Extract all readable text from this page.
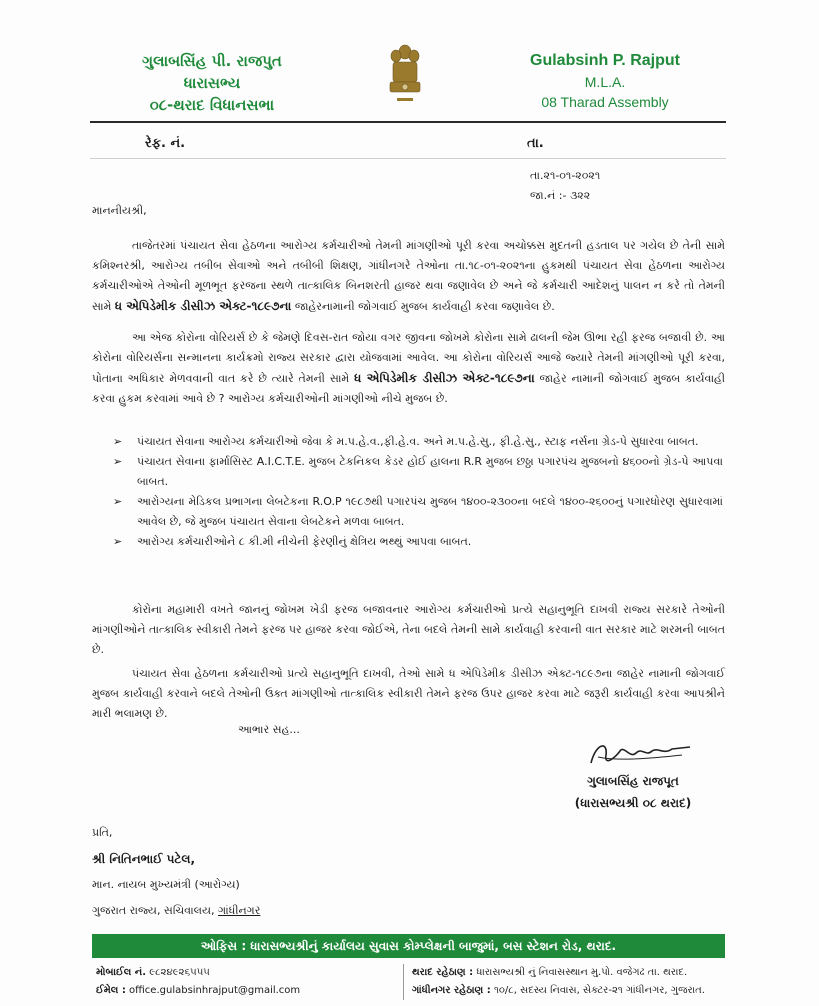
ગુલાબસિંહ પી. રાજપુત
ધારાસભ્ય
૦૮-થરાદ વિધાનસભા
Gulabsinh P. Rajput
M.L.A.
08 Tharad Assembly
રેફ. નં.	તા.
તા.૨૧-૦૧-૨૦૨૧
જા.નં :- ૩૨૨
માનનીયશ્રી,
તાજેતરમાં પંચાયત સેવા હેઠળના આરોગ્ય કર્મચારીઓ તેમની માંગણીઓ પૂરી કરવા અચોક્કસ મુદતની હડતાલ પર ગયેલ છે તેની સામે કમિશ્નરશ્રી, આરોગ્ય તબીબ સેવાઓ અને તબીબી શિક્ષણ, ગાંધીનગરે તેઓના તા.૧૮-૦૧-૨૦૨૧ના હુકમથી પંચાયત સેવા હેઠળના આરોગ્ય કર્મચારીઓએ તેઓની મૂળભૂત ફરજના સ્થળે તાત્કાલિક બિનશરતી હાજર થવા જણાવેલ છે અને જે કર્મચારી આદેશનું પાલન ન કરે તો તેમની સામે ધ એપિડેમીક ડીસીઝ એક્ટ-૧૮૯૭ના જાહેરનામાની જોગવાઈ મુજબ કાર્યવાહી કરવા જણાવેલ છે.
આ એજ કોરોના વોરિયર્સ છે કે જેમણે દિવસ-રાત જોયા વગર જીવના જોખમે કોરોના સામે ઢાલની જેમ ઊભા રહી ફરજ બજાવી છે. આ કોરોના વોરિયર્સના સન્માનના કાર્યક્રમો રાજ્ય સરકાર દ્વારા યોજવામાં આવેલ. આ કોરોના વોરિયર્સ આજે જ્યારે તેમની માંગણીઓ પૂરી કરવા, પોતાના અધિકાર મેળવવાની વાત કરે છે ત્યારે તેમની સામે ધ એપિડેમીક ડીસીઝ એક્ટ-૧૮૯૭ના જાહેર નામાની જોગવાઈ મુજબ કાર્યવાહી કરવા હુકમ કરવામાં આવે છે ? આરોગ્ય કર્મચારીઓની માંગણીઓ નીચે મુજબ છે.
➢ પંચાયત સેવાના આરોગ્ય કર્મચારીઓ જેવા કે મ.પ.હે.વ.,ફી.હે.વ. અને મ.પ.હે.સુ., ફી.હે.સુ., સ્ટાફ નર્સના ગ્રેડ-પે સુધારવા બાબત.
➢ પંચાયત સેવાના ફાર્માસિસ્ટ A.I.C.T.E. મુજબ ટેકનિકલ કેડર હોઈ હાલના R.R મુજબ છઠ્ઠા પગારપંચ મુજબનો ૪૬૦૦નો ગ્રેડ-પે આપવા બાબત.
➢ આરોગ્યના મેડિકલ પ્રભાગના લેબટેકના R.O.P ૧૯૮૭થી પગારપંચ મુજબ ૧૪૦૦-૨૩૦૦ના બદલે ૧૪૦૦-૨૬૦૦નું પગારધોરણ સુધારવામાં આવેલ છે, જે મુજબ પંચાયત સેવાના લેબટેકને મળવા બાબત.
➢ આરોગ્ય કર્મચારીઓને ૮ કી.મી નીચેની ફેરણીનું ક્ષેત્રિય ભથ્થું આપવા બાબત.
કોરોના મહામારી વખતે જાનનું જોખમ ખેડી ફરજ બજાવનાર આરોગ્ય કર્મચારીઓ પ્રત્યે સહાનુભૂતિ દાખવી રાજ્ય સરકારે તેઓની માંગણીઓને તાત્કાલિક સ્વીકારી તેમને ફરજ પર હાજર કરવા જોઈએ, તેના બદલે તેમની સામે કાર્યવાહી કરવાની વાત સરકાર માટે શરમની બાબત છે.
પંચાયત સેવા હેઠળના કર્મચારીઓ પ્રત્યે સહાનુભૂતિ દાખવી, તેઓ સામે ધ એપિડેમીક ડીસીઝ એક્ટ-૧૮૯૭ના જાહેર નામાની જોગવાઈ મુજબ કાર્યવાહી કરવાને બદલે તેઓની ઉક્ત માંગણીઓ તાત્કાલિક સ્વીકારી તેમને ફરજ ઉપર હાજર કરવા માટે જરૂરી કાર્યવાહી કરવા આપશ્રીને મારી ભલામણ છે.
આભાર સહ...
ગુલાબસિંહ રાજપૂત
(ધારાસભ્યશ્રી ૦૮ થરાદ)
પ્રતિ,
શ્રી નિતિનભાઈ પટેલ,
માન. નાયબ મુખ્યમંત્રી (આરોગ્ય)
ગુજરાત રાજ્ય, સચિવાલય, ગાંધીનગર
ઓફિસ : ધારાસભ્યશ્રીનું કાર્યાલય સુવાસ કોમ્પ્લેક્ષની બાજુમાં, બસ સ્ટેશન રોડ, થરાદ.
મોબાઈલ નં. ૯૮૨૪૯૨૬૫૫૫
ઈમેલ : office.gulabsinhrajput@gmail.com
થરાદ રહેઠાણ : ધારાસભ્યશ્રી નું નિવાસસ્થાન મુ.પો. વજેગઢ તા. થરાદ.
ગાંધીનગર રહેઠાણ : ૧૦/૮, સદસ્ય નિવાસ, સેક્ટર-૨૧ ગાંધીનગર, ગુજરાત.
